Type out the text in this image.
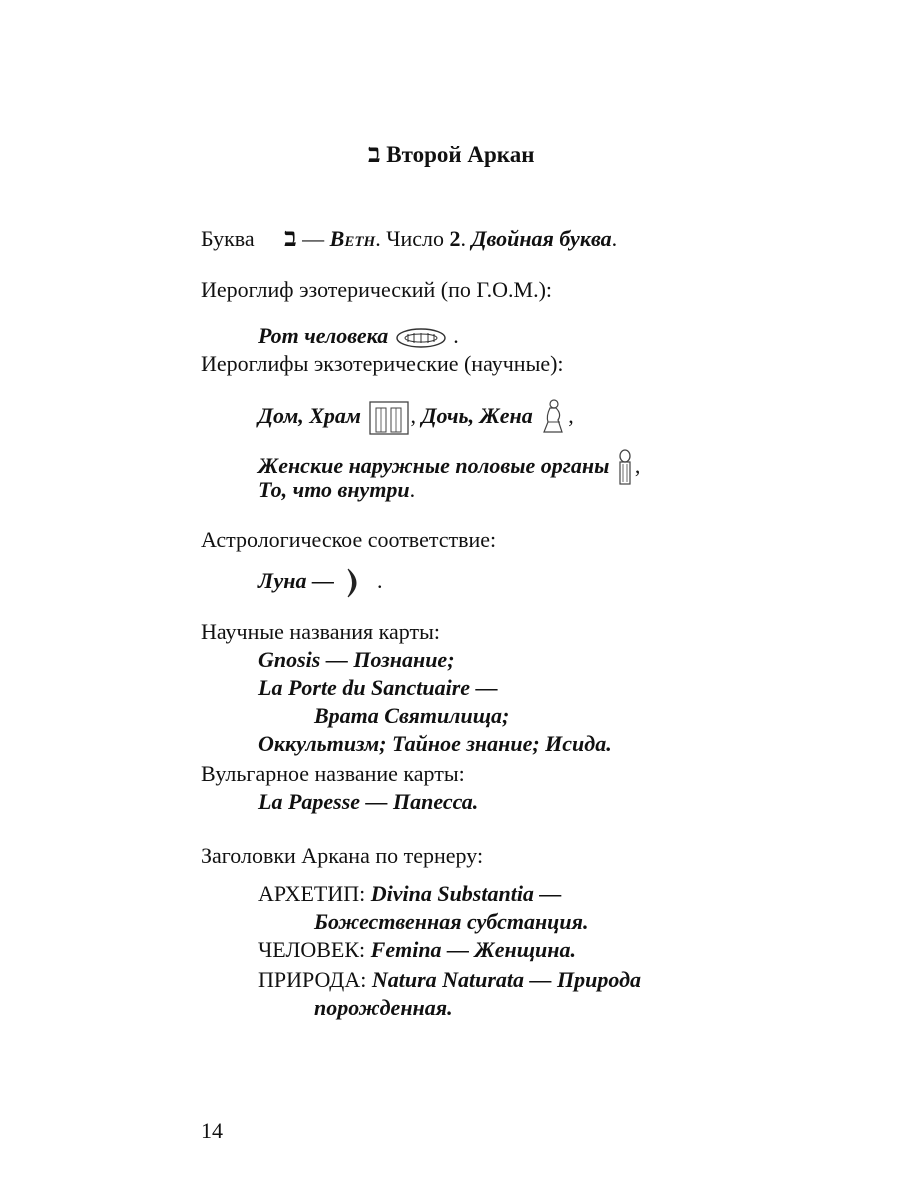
ב Второй Аркан
Буква ב — Ветн. Число 2. Двойная буква.
Иероглиф эзотерический (по Г.О.М.):
Рот человека	.
Иероглифы экзотерические (научные):
Дом, Храм , Дочь, Жена ,
Женские наружные половые органы ,
То, что внутри.
Астрологическое соответствие:
Луна — .
Научные названия карты:
Gnosis — Познание;
La Porte du Sanctuaire —
Врата Святилища;
Оккультизм; Тайное знание; Исида.
Вульгарное название карты:
La Papesse — Папесса.
Заголовки Аркана по тернеру:
АРХЕТИП: Divina Substantia —
Божественная субстанция.
ЧЕЛОВЕК: Femina — Женщина.
ПРИРОДА: Natura Naturata — Природа
порожденная.
14
